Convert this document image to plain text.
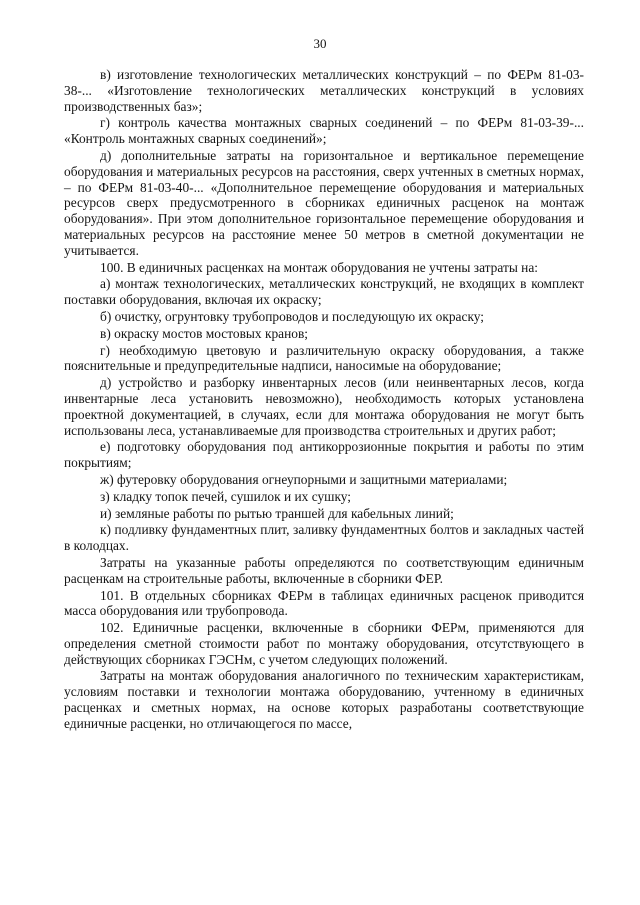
30

в) изготовление технологических металлических конструкций – по ФЕРм 81-03-38-... «Изготовление технологических металлических конструкций в условиях производственных баз»;

г) контроль качества монтажных сварных соединений – по ФЕРм 81-03-39-... «Контроль монтажных сварных соединений»;

д) дополнительные затраты на горизонтальное и вертикальное перемещение оборудования и материальных ресурсов на расстояния, сверх учтенных в сметных нормах, – по ФЕРм 81-03-40-... «Дополнительное перемещение оборудования и материальных ресурсов сверх предусмотренного в сборниках единичных расценок на монтаж оборудования». При этом дополнительное горизонтальное перемещение оборудования и материальных ресурсов на расстояние менее 50 метров в сметной документации не учитывается.

100. В единичных расценках на монтаж оборудования не учтены затраты на:

а) монтаж технологических, металлических конструкций, не входящих в комплект поставки оборудования, включая их окраску;

б) очистку, огрунтовку трубопроводов и последующую их окраску;

в) окраску мостов мостовых кранов;

г) необходимую цветовую и различительную окраску оборудования, а также пояснительные и предупредительные надписи, наносимые на оборудование;

д) устройство и разборку инвентарных лесов (или неинвентарных лесов, когда инвентарные леса установить невозможно), необходимость которых установлена проектной документацией, в случаях, если для монтажа оборудования не могут быть использованы леса, устанавливаемые для производства строительных и других работ;

е) подготовку оборудования под антикоррозионные покрытия и работы по этим покрытиям;

ж) футеровку оборудования огнеупорными и защитными материалами;

з) кладку топок печей, сушилок и их сушку;

и) земляные работы по рытью траншей для кабельных линий;

к) подливку фундаментных плит, заливку фундаментных болтов и закладных частей в колодцах.

Затраты на указанные работы определяются по соответствующим единичным расценкам на строительные работы, включенные в сборники ФЕР.

101. В отдельных сборниках ФЕРм в таблицах единичных расценок приводится масса оборудования или трубопровода.

102. Единичные расценки, включенные в сборники ФЕРм, применяются для определения сметной стоимости работ по монтажу оборудования, отсутствующего в действующих сборниках ГЭСНм, с учетом следующих положений.

Затраты на монтаж оборудования аналогичного по техническим характеристикам, условиям поставки и технологии монтажа оборудованию, учтенному в единичных расценках и сметных нормах, на основе которых разработаны соответствующие единичные расценки, но отличающегося по массе,
